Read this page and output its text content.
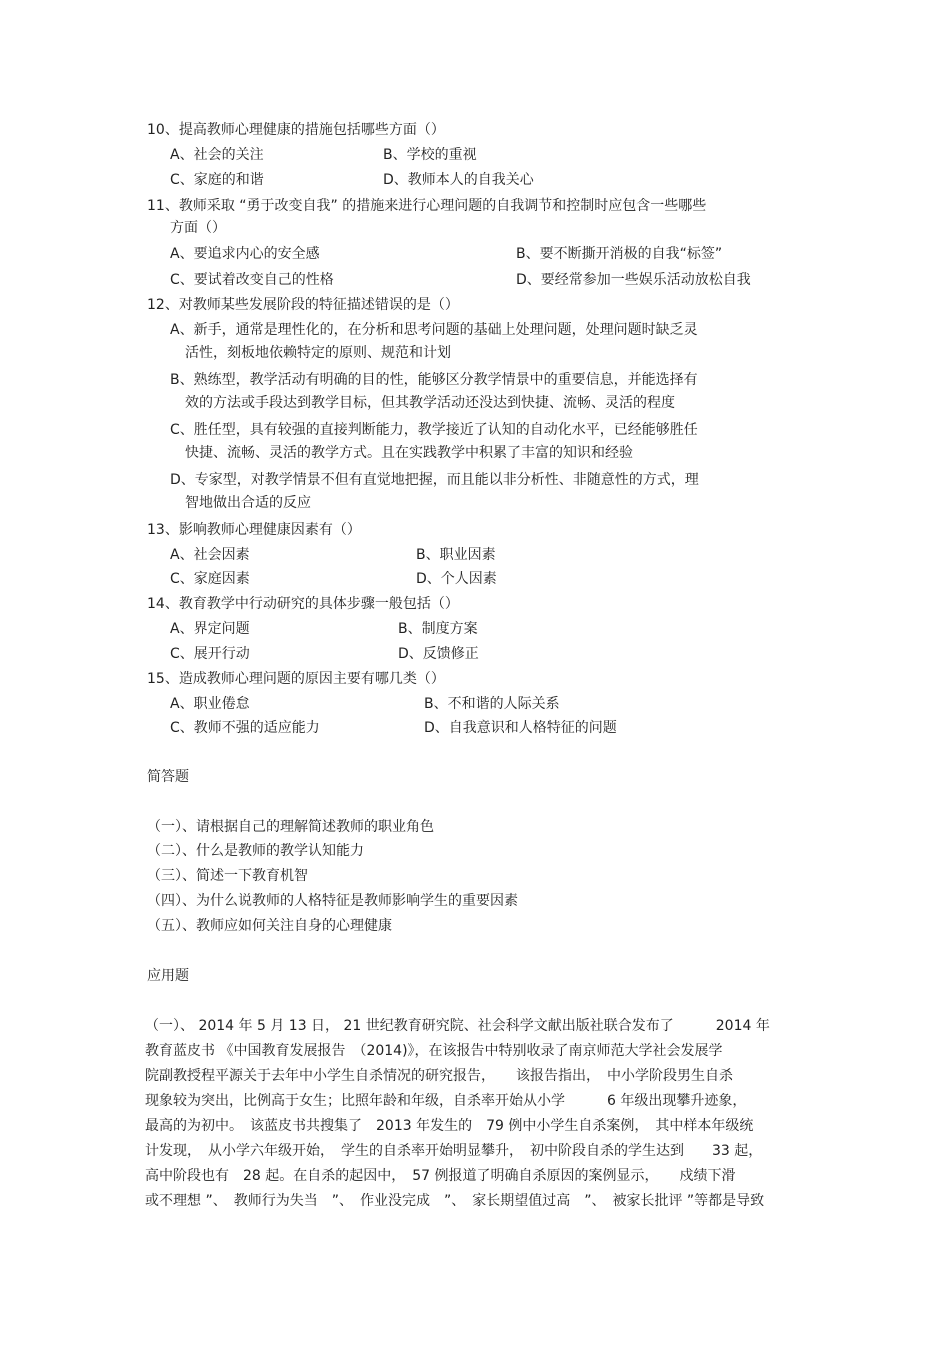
10、提高教师心理健康的措施包括哪些方面（）
A、社会的关注	B、学校的重视
C、家庭的和谐	D、教师本人的自我关心
11、教师采取 “勇于改变自我” 的措施来进行心理问题的自我调节和控制时应包含一些哪些
方面（）
A、要追求内心的安全感	B、要不断撕开消极的自我“标签”
C、要试着改变自己的性格	D、要经常参加一些娱乐活动放松自我
12、对教师某些发展阶段的特征描述错误的是（）
A、新手，通常是理性化的，在分析和思考问题的基础上处理问题，处理问题时缺乏灵
活性，刻板地依赖特定的原则、规范和计划
B、熟练型，教学活动有明确的目的性，能够区分教学情景中的重要信息，并能选择有
效的方法或手段达到教学目标，但其教学活动还没达到快捷、流畅、灵活的程度
C、胜任型，具有较强的直接判断能力，教学接近了认知的自动化水平，已经能够胜任
快捷、流畅、灵活的教学方式。且在实践教学中积累了丰富的知识和经验
D、专家型，对教学情景不但有直觉地把握，而且能以非分析性、非随意性的方式，理
智地做出合适的反应
13、影响教师心理健康因素有（）
A、社会因素	B、职业因素
C、家庭因素	D、个人因素
14、教育教学中行动研究的具体步骤一般包括（）
A、界定问题	B、制度方案
C、展开行动	D、反馈修正
15、造成教师心理问题的原因主要有哪几类（）
A、职业倦怠	B、不和谐的人际关系
C、教师不强的适应能力	D、自我意识和人格特征的问题
简答题
（一）、请根据自己的理解简述教师的职业角色
（二）、什么是教师的教学认知能力
（三）、简述一下教育机智
（四）、为什么说教师的人格特征是教师影响学生的重要因素
（五）、教师应如何关注自身的心理健康
应用题
（一）、 2014 年 5 月 13 日， 21 世纪教育研究院、社会科学文献出版社联合发布了　　　2014 年
教育蓝皮书 《中国教育发展报告　（2014)》，在该报告中特别收录了南京师范大学社会发展学
院副教授程平源关于去年中小学生自杀情况的研究报告，　　该报告指出，　中小学阶段男生自杀
现象较为突出，比例高于女生；比照年龄和年级，自杀率开始从小学　　　6 年级出现攀升迹象，
最高的为初中。　该蓝皮书共搜集了　2013 年发生的　79 例中小学生自杀案例，　其中样本年级统
计发现，　从小学六年级开始，　学生的自杀率开始明显攀升，　初中阶段自杀的学生达到　　33 起，
高中阶段也有　28 起。在自杀的起因中，　57 例报道了明确自杀原因的案例显示，　　戍绩下滑
或不理想 ”、　教师行为失当　”、　作业没完成　”、　家长期望值过高　”、　被家长批评 ”等都是导致
